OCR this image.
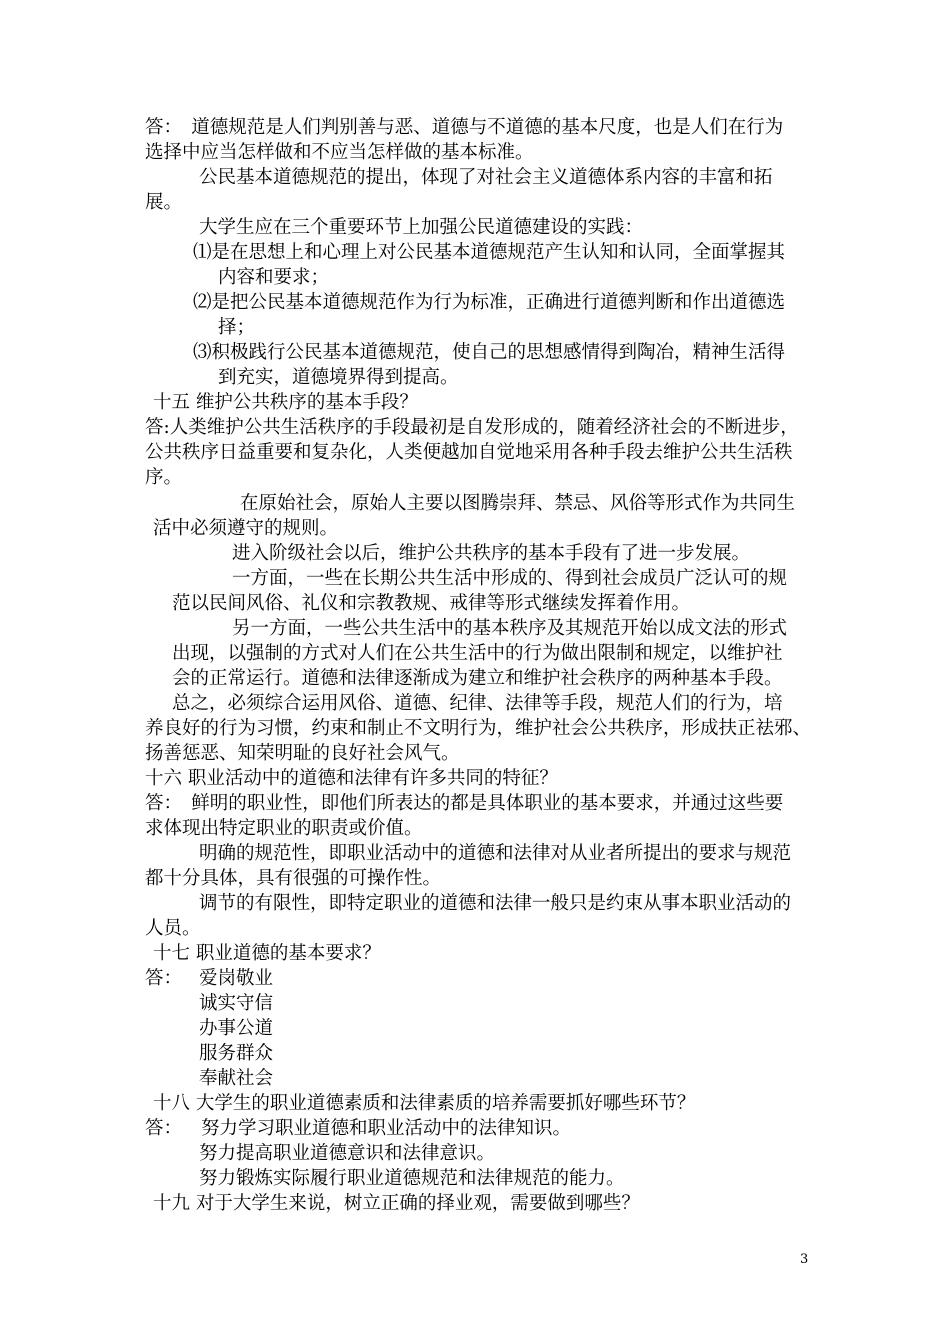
答：　道德规范是人们判别善与恶、道德与不道德的基本尺度，也是人们在行为
选择中应当怎样做和不应当怎样做的基本标准。
公民基本道德规范的提出，体现了对社会主义道德体系内容的丰富和拓
展。
大学生应在三个重要环节上加强公民道德建设的实践：
⑴是在思想上和心理上对公民基本道德规范产生认知和认同，全面掌握其
内容和要求；
⑵是把公民基本道德规范作为行为标准，正确进行道德判断和作出道德选
择；
⑶积极践行公民基本道德规范，使自己的思想感情得到陶冶，精神生活得
到充实，道德境界得到提高。
十五 维护公共秩序的基本手段？
答:人类维护公共生活秩序的手段最初是自发形成的，随着经济社会的不断进步，
公共秩序日益重要和复杂化，人类便越加自觉地采用各种手段去维护公共生活秩
序。
在原始社会，原始人主要以图腾崇拜、禁忌、风俗等形式作为共同生
活中必须遵守的规则。
进入阶级社会以后，维护公共秩序的基本手段有了进一步发展。
一方面，一些在长期公共生活中形成的、得到社会成员广泛认可的规
范以民间风俗、礼仪和宗教教规、戒律等形式继续发挥着作用。
另一方面，一些公共生活中的基本秩序及其规范开始以成文法的形式
出现，以强制的方式对人们在公共生活中的行为做出限制和规定，以维护社
会的正常运行。道德和法律逐渐成为建立和维护社会秩序的两种基本手段。
总之，必须综合运用风俗、道德、纪律、法律等手段，规范人们的行为，培
养良好的行为习惯，约束和制止不文明行为，维护社会公共秩序，形成扶正祛邪、
扬善惩恶、知荣明耻的良好社会风气。
十六 职业活动中的道德和法律有许多共同的特征？
答：　鲜明的职业性，即他们所表达的都是具体职业的基本要求，并通过这些要
求体现出特定职业的职责或价值。
明确的规范性，即职业活动中的道德和法律对从业者所提出的要求与规范
都十分具体，具有很强的可操作性。
调节的有限性，即特定职业的道德和法律一般只是约束从事本职业活动的
人员。
十七 职业道德的基本要求？
答： 爱岗敬业
诚实守信
办事公道
服务群众
奉献社会
十八 大学生的职业道德素质和法律素质的培养需要抓好哪些环节？
答： 努力学习职业道德和职业活动中的法律知识。
努力提高职业道德意识和法律意识。
努力锻炼实际履行职业道德规范和法律规范的能力。
十九 对于大学生来说，树立正确的择业观，需要做到哪些？
3
